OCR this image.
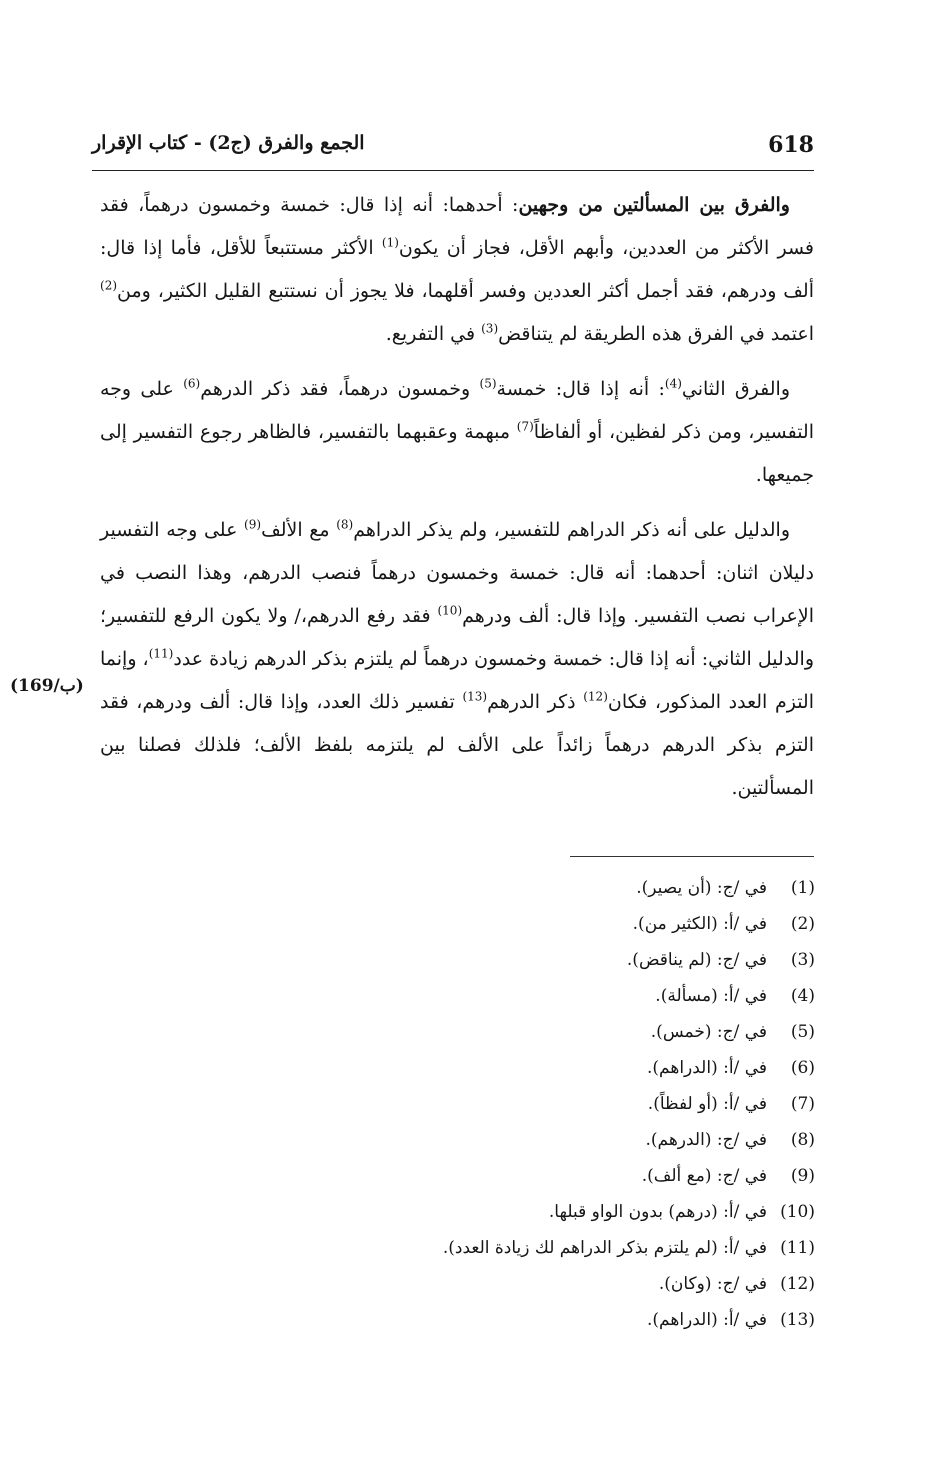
618
الجمع والفرق (ج2) - كتاب الإقرار
(169/ب)

والفرق بين المسألتين من وجهين: أحدهما: أنه إذا قال: خمسة وخمسون درهماً، فقد فسر الأكثر من العددين، وأبهم الأقل، فجاز أن يكون$^{(1)}$ الأكثر مستتبعاً للأقل، فأما إذا قال: ألف ودرهم، فقد أجمل أكثر العددين وفسر أقلهما، فلا يجوز أن نستتبع القليل الكثير، ومن$^{(2)}$ اعتمد في الفرق هذه الطريقة لم يتناقض$^{(3)}$ في التفريع.

والفرق الثاني$^{(4)}$: أنه إذا قال: خمسة$^{(5)}$ وخمسون درهماً، فقد ذكر الدرهم$^{(6)}$ على وجه التفسير، ومن ذكر لفظين، أو ألفاظاً$^{(7)}$ مبهمة وعقبهما بالتفسير، فالظاهر رجوع التفسير إلى جميعها.

والدليل على أنه ذكر الدراهم للتفسير، ولم يذكر الدراهم$^{(8)}$ مع الألف$^{(9)}$ على وجه التفسير دليلان اثنان: أحدهما: أنه قال: خمسة وخمسون درهماً فنصب الدرهم، وهذا النصب في الإعراب نصب التفسير. وإذا قال: ألف ودرهم$^{(10)}$ فقد رفع الدرهم،/ ولا يكون الرفع للتفسير؛ والدليل الثاني: أنه إذا قال: خمسة وخمسون درهماً لم يلتزم بذكر الدرهم زيادة عدد$^{(11)}$، وإنما التزم العدد المذكور، فكان$^{(12)}$ ذكر الدرهم$^{(13)}$ تفسير ذلك العدد، وإذا قال: ألف ودرهم، فقد التزم بذكر الدرهم درهماً زائداً على الألف لم يلتزمه بلفظ الألف؛ فلذلك فصلنا بين المسألتين.

(1)في /ج: (أن يصير).
(2)في /أ: (الكثير من).
(3)في /ج: (لم يناقض).
(4)في /أ: (مسألة).
(5)في /ج: (خمس).
(6)في /أ: (الدراهم).
(7)في /أ: (أو لفظاً).
(8)في /ج: (الدرهم).
(9)في /ج: (مع ألف).
(10)في /أ: (درهم) بدون الواو قبلها.
(11)في /أ: (لم يلتزم بذكر الدراهم لك زيادة العدد).
(12)في /ج: (وكان).
(13)في /أ: (الدراهم).
